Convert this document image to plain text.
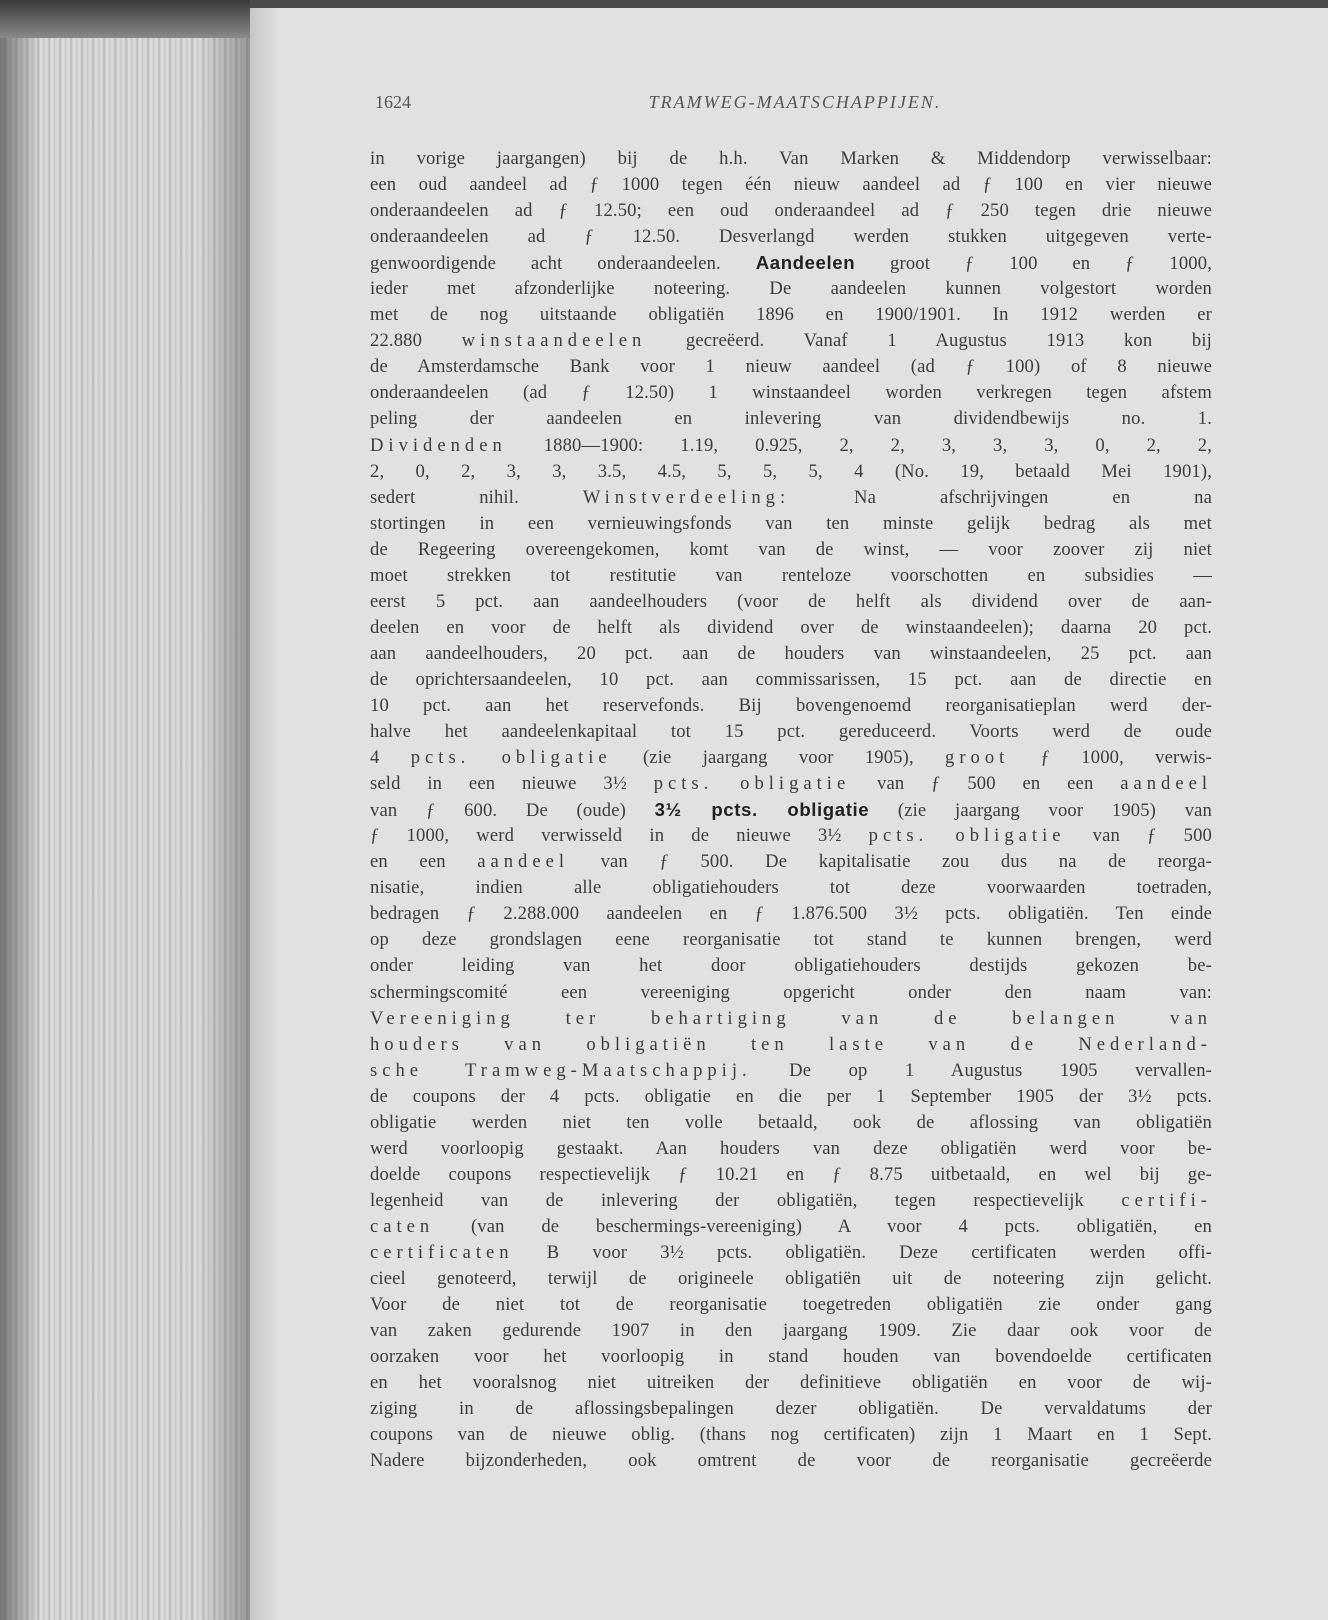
1624	TRAMWEG-MAATSCHAPPIJEN.
in vorige jaargangen) bij de h.h. Van Marken & Middendorp verwisselbaar:
een oud aandeel ad ƒ 1000 tegen één nieuw aandeel ad ƒ 100 en vier nieuwe
onderaandeelen ad ƒ 12.50; een oud onderaandeel ad ƒ 250 tegen drie nieuwe
onderaandeelen ad ƒ 12.50. Desverlangd werden stukken uitgegeven verte-
genwoordigende acht onderaandeelen. Aandeelen groot ƒ 100 en ƒ 1000,
ieder met afzonderlijke noteering. De aandeelen kunnen volgestort worden
met de nog uitstaande obligatiën 1896 en 1900/1901. In 1912 werden er
22.880 winstaandeelen gecreëerd. Vanaf 1 Augustus 1913 kon bij
de Amsterdamsche Bank voor 1 nieuw aandeel (ad ƒ 100) of 8 nieuwe
onderaandeelen (ad ƒ 12.50) 1 winstaandeel worden verkregen tegen afstem
peling der aandeelen en inlevering van dividendbewijs no. 1.
Dividenden 1880—1900: 1.19, 0.925, 2, 2, 3, 3, 3, 0, 2, 2,
2, 0, 2, 3, 3, 3.5, 4.5, 5, 5, 5, 4 (No. 19, betaald Mei 1901),
sedert nihil. Winstverdeeling: Na afschrijvingen en na
stortingen in een vernieuwingsfonds van ten minste gelijk bedrag als met
de Regeering overeengekomen, komt van de winst, — voor zoover zij niet
moet strekken tot restitutie van renteloze voorschotten en subsidies —
eerst 5 pct. aan aandeelhouders (voor de helft als dividend over de aan-
deelen en voor de helft als dividend over de winstaandeelen); daarna 20 pct.
aan aandeelhouders, 20 pct. aan de houders van winstaandeelen, 25 pct. aan
de oprichtersaandeelen, 10 pct. aan commissarissen, 15 pct. aan de directie en
10 pct. aan het reservefonds. Bij bovengenoemd reorganisatieplan werd der-
halve het aandeelenkapitaal tot 15 pct. gereduceerd. Voorts werd de oude
4 pcts. obligatie (zie jaargang voor 1905), groot ƒ 1000, verwis-
seld in een nieuwe 3½ pcts. obligatie van ƒ 500 en een aandeel
van ƒ 600. De (oude) 3½ pcts. obligatie (zie jaargang voor 1905) van
ƒ 1000, werd verwisseld in de nieuwe 3½ pcts. obligatie van ƒ 500
en een aandeel van ƒ 500. De kapitalisatie zou dus na de reorga-
nisatie, indien alle obligatiehouders tot deze voorwaarden toetraden,
bedragen ƒ 2.288.000 aandeelen en ƒ 1.876.500 3½ pcts. obligatiën. Ten einde
op deze grondslagen eene reorganisatie tot stand te kunnen brengen, werd
onder leiding van het door obligatiehouders destijds gekozen be-
schermingscomité een vereeniging opgericht onder den naam van:
Vereeniging ter behartiging van de belangen van
houders van obligatiën ten laste van de Nederland-
sche Tramweg-Maatschappij. De op 1 Augustus 1905 vervallen-
de coupons der 4 pcts. obligatie en die per 1 September 1905 der 3½ pcts.
obligatie werden niet ten volle betaald, ook de aflossing van obligatiën
werd voorloopig gestaakt. Aan houders van deze obligatiën werd voor be-
doelde coupons respectievelijk ƒ 10.21 en ƒ 8.75 uitbetaald, en wel bij ge-
legenheid van de inlevering der obligatiën, tegen respectievelijk certifi-
caten (van de beschermings-vereeniging) A voor 4 pcts. obligatiën, en
certificaten B voor 3½ pcts. obligatiën. Deze certificaten werden offi-
cieel genoteerd, terwijl de origineele obligatiën uit de noteering zijn gelicht.
Voor de niet tot de reorganisatie toegetreden obligatiën zie onder gang
van zaken gedurende 1907 in den jaargang 1909. Zie daar ook voor de
oorzaken voor het voorloopig in stand houden van bovendoelde certificaten
en het vooralsnog niet uitreiken der definitieve obligatiën en voor de wij-
ziging in de aflossingsbepalingen dezer obligatiën. De vervaldatums der
coupons van de nieuwe oblig. (thans nog certificaten) zijn 1 Maart en 1 Sept.
Nadere bijzonderheden, ook omtrent de voor de reorganisatie gecreëerde
